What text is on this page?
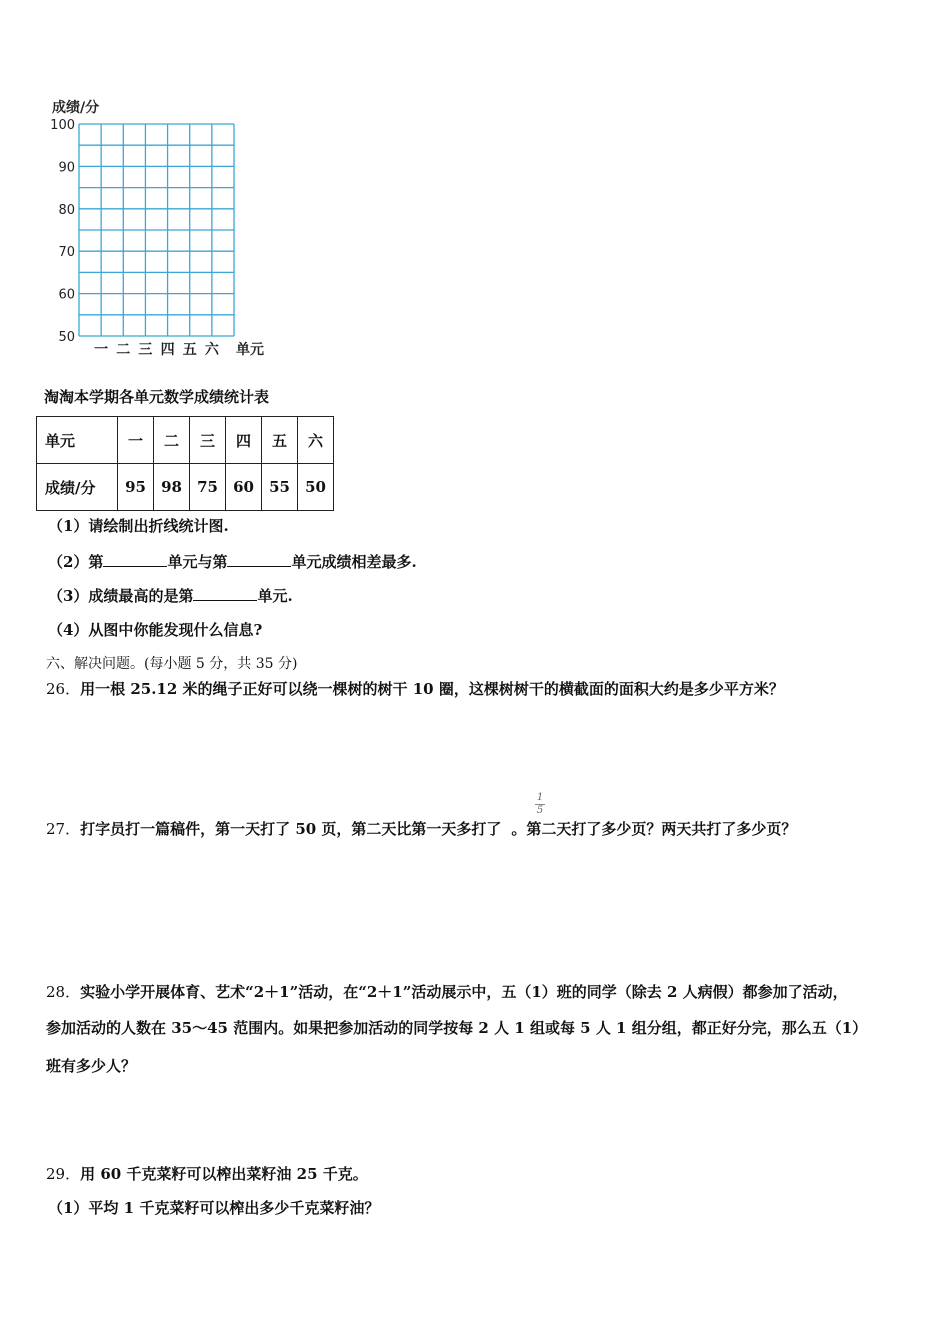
成绩/分
100
90
80
70
60
50
一 二 三 四 五 六 单元
淘淘本学期各单元数学成绩统计表
单元	一	二	三	四	五	六
成绩/分	95	98	75	60	55	50
（1）请绘制出折线统计图.
（2）第	单元与第	单元成绩相差最多.
（3）成绩最高的是第	单元.
（4）从图中你能发现什么信息?
六、解决问题。(每小题 5 分，共 35 分)
26．用一根 25.12 米的绳子正好可以绕一棵树的树干 10 圈，这棵树树干的横截面的面积大约是多少平方米？
27．打字员打一篇稿件，第一天打了 50 页，第二天比第一天多打了 。第二天打了多少页？两天共打了多少页？
1
5
28．实验小学开展体育、艺术“2＋1”活动，在“2＋1”活动展示中，五（1）班的同学（除去 2 人病假）都参加了活动，
参加活动的人数在 35～45 范围内。如果把参加活动的同学按每 2 人 1 组或每 5 人 1 组分组，都正好分完，那么五（1）
班有多少人？
29．用 60 千克菜籽可以榨出菜籽油 25 千克。
（1）平均 1 千克菜籽可以榨出多少千克菜籽油？
